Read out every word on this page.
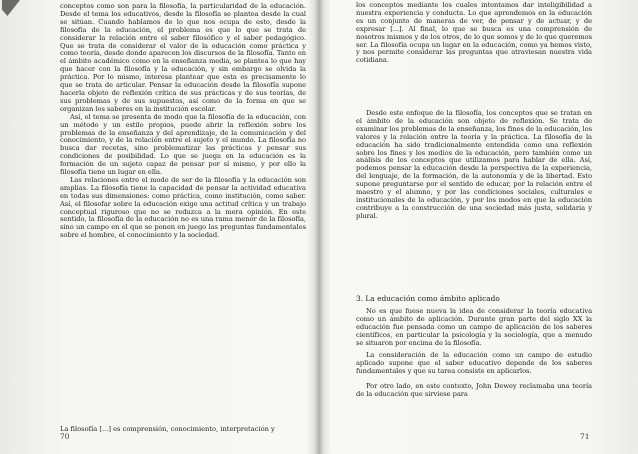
conceptos como son para la filosofía, la particularidad de la educación. Desde el tema los educativos, desde la filosofía se plantea desde la cual se sitúan. Cuando hablamos de lo que nos ocupa de esto, desde la filosofía de la educación, el problema es que lo que se trata de considerar la relación entre el saber filosófico y el saber pedagógico. Que se trata de considerar el valor de la educación como práctica y como teoría, desde donde aparecen los discursos de la filosofía. Tanto en el ámbito académico como en la enseñanza media, se plantea lo que hay que hacer con la filosofía y la educación, y sin embargo se olvida la práctica. Por lo mismo, interesa plantear que esta es precisamente lo que se trata de articular. Pensar la educación desde la filosofía supone hacerla objeto de reflexión crítica de sus prácticas y de sus teorías, de sus problemas y de sus supuestos, así como de la forma en que se organizan los saberes en la institución escolar.

Así, el tema se presenta de modo que la filosofía de la educación, con un método y un estilo propios, puede abrir la reflexión sobre los problemas de la enseñanza y del aprendizaje, de la comunicación y del conocimiento, y de la relación entre el sujeto y el mundo. La filosofía no busca dar recetas, sino problematizar las prácticas y pensar sus condiciones de posibilidad. Lo que se juega en la educación es la formación de un sujeto capaz de pensar por sí mismo, y por ello la filosofía tiene un lugar en ella.

Las relaciones entre el modo de ser de la filosofía y la educación son amplias. La filosofía tiene la capacidad de pensar la actividad educativa en todas sus dimensiones: como práctica, como institución, como saber. Así, el filosofar sobre la educación exige una actitud crítica y un trabajo conceptual riguroso que no se reduzca a la mera opinión. En este sentido, la filosofía de la educación no es una rama menor de la filosofía, sino un campo en el que se ponen en juego las preguntas fundamentales sobre el hombre, el conocimiento y la sociedad.

La filosofía [...] es comprensión, conocimiento, interpretación y
70

los conceptos mediante los cuales intentamos dar inteligibilidad a nuestra experiencia y conducta. Lo que aprendemos en la educación es un conjunto de maneras de ver, de pensar y de actuar, y de expresar [...]. Al final, lo que se busca es una comprensión de nosotros mismos y de los otros, de lo que somos y de lo que queremos ser. La filosofía ocupa un lugar en la educación, como ya hemos visto, y nos permite considerar las preguntas que atraviesan nuestra vida cotidiana.

Desde este enfoque de la filosofía, los conceptos que se tratan en el ámbito de la educación son objeto de reflexión. Se trata de examinar los problemas de la enseñanza, los fines de la educación, los valores y la relación entre la teoría y la práctica. La filosofía de la educación ha sido tradicionalmente entendida como una reflexión sobre los fines y los medios de la educación, pero también como un análisis de los conceptos que utilizamos para hablar de ella. Así, podemos pensar la educación desde la perspectiva de la experiencia, del lenguaje, de la formación, de la autonomía y de la libertad. Esto supone preguntarse por el sentido de educar, por la relación entre el maestro y el alumno, y por las condiciones sociales, culturales e institucionales de la educación, y por los modos en que la educación contribuye a la construcción de una sociedad más justa, solidaria y plural.

3. La educación como ámbito aplicado

No es que fuese nueva la idea de considerar la teoría educativa como un ámbito de aplicación. Durante gran parte del siglo XX la educación fue pensada como un campo de aplicación de los saberes científicos, en particular la psicología y la sociología, que a menudo se situaron por encima de la filosofía.

La consideración de la educación como un campo de estudio aplicado supone que el saber educativo depende de los saberes fundamentales y que su tarea consiste en aplicarlos.

Por otro lado, en este contexto, John Dewey reclamaba una teoría de la educación que sirviese para

71
